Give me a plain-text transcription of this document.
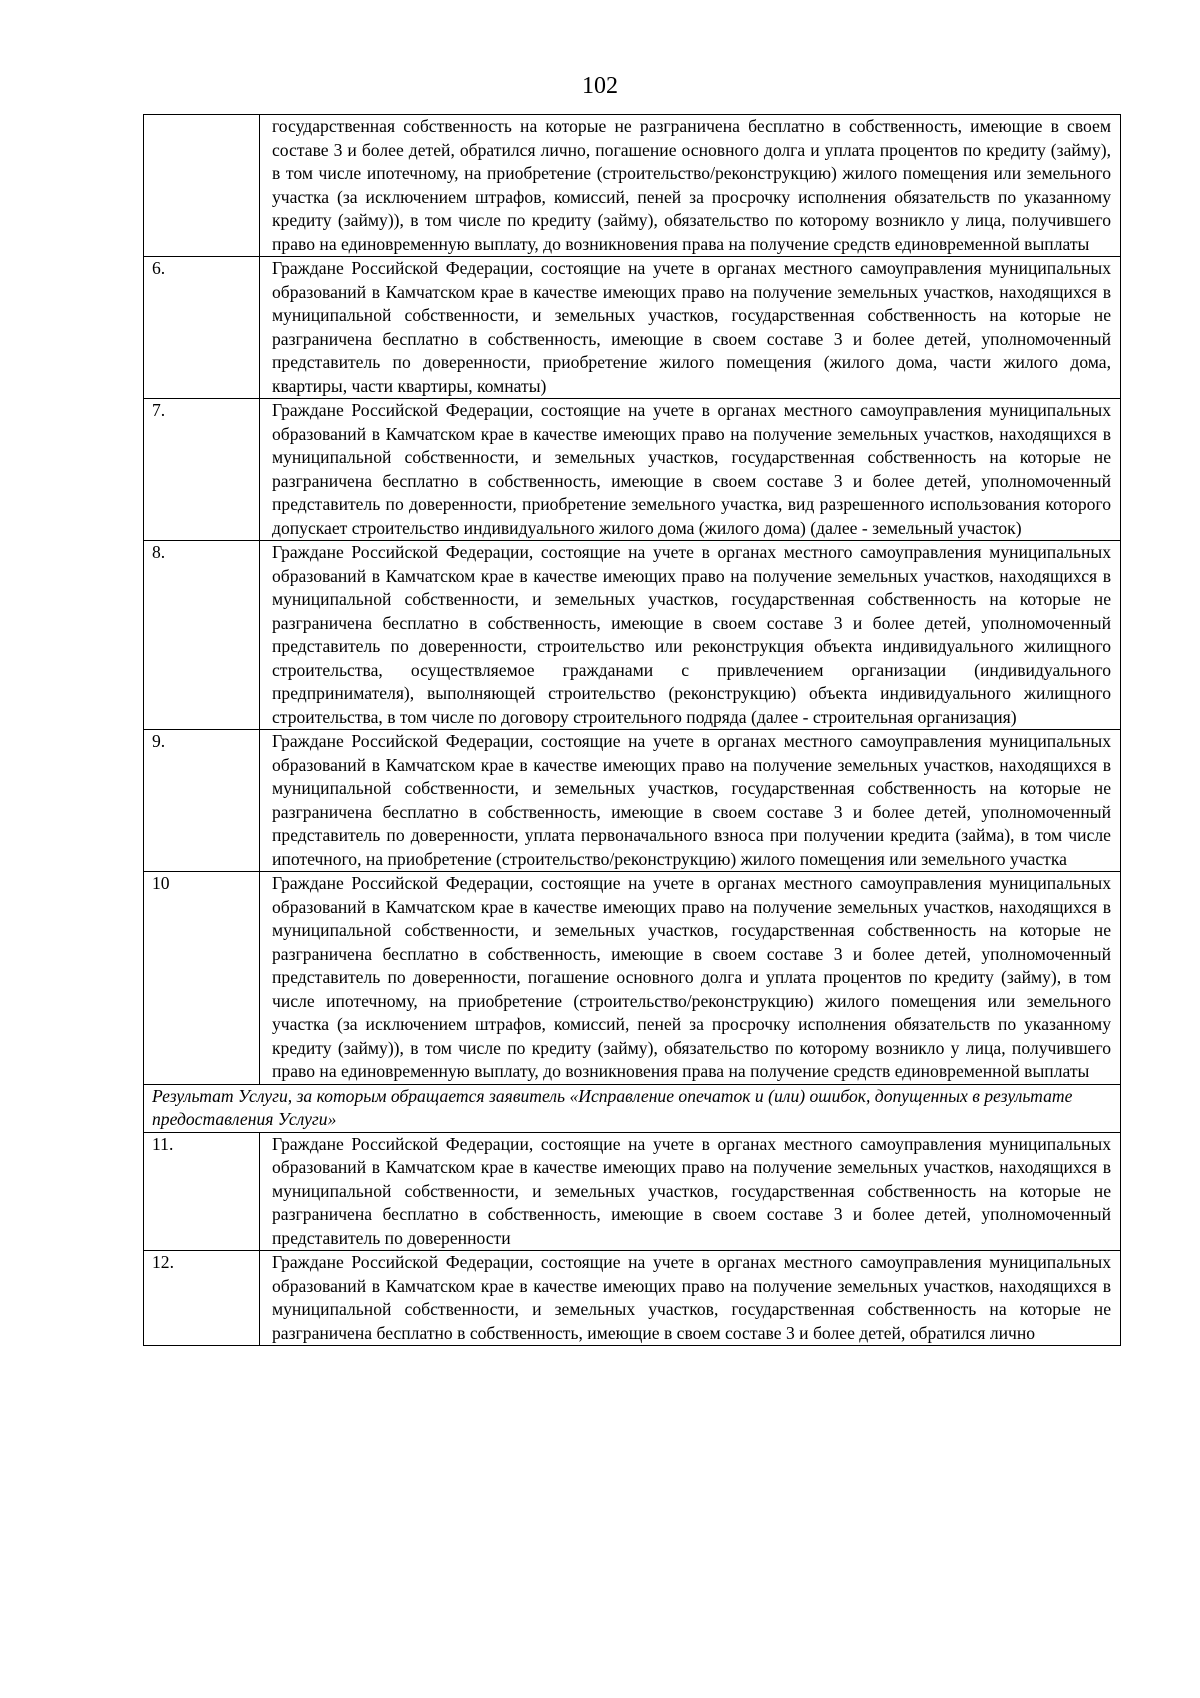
102
	государственная собственность на которые не разграничена бесплатно в собственность, имеющие в своем составе 3 и более детей, обратился лично, погашение основного долга и уплата процентов по кредиту (займу), в том числе ипотечному, на приобретение (строительство/реконструкцию) жилого помещения или земельного участка (за исключением штрафов, комиссий, пеней за просрочку исполнения обязательств по указанному кредиту (займу)), в том числе по кредиту (займу), обязательство по которому возникло у лица, получившего право на единовременную выплату, до возникновения права на получение средств единовременной выплаты
6.	Граждане Российской Федерации, состоящие на учете в органах местного самоуправления муниципальных образований в Камчатском крае в качестве имеющих право на получение земельных участков, находящихся в муниципальной собственности, и земельных участков, государственная собственность на которые не разграничена бесплатно в собственность, имеющие в своем составе 3 и более детей, уполномоченный представитель по доверенности, приобретение жилого помещения (жилого дома, части жилого дома, квартиры, части квартиры, комнаты)
7.	Граждане Российской Федерации, состоящие на учете в органах местного самоуправления муниципальных образований в Камчатском крае в качестве имеющих право на получение земельных участков, находящихся в муниципальной собственности, и земельных участков, государственная собственность на которые не разграничена бесплатно в собственность, имеющие в своем составе 3 и более детей, уполномоченный представитель по доверенности, приобретение земельного участка, вид разрешенного использования которого допускает строительство индивидуального жилого дома (жилого дома) (далее - земельный участок)
8.	Граждане Российской Федерации, состоящие на учете в органах местного самоуправления муниципальных образований в Камчатском крае в качестве имеющих право на получение земельных участков, находящихся в муниципальной собственности, и земельных участков, государственная собственность на которые не разграничена бесплатно в собственность, имеющие в своем составе 3 и более детей, уполномоченный представитель по доверенности, строительство или реконструкция объекта индивидуального жилищного строительства, осуществляемое гражданами с привлечением организации (индивидуального предпринимателя), выполняющей строительство (реконструкцию) объекта индивидуального жилищного строительства, в том числе по договору строительного подряда (далее - строительная организация)
9.	Граждане Российской Федерации, состоящие на учете в органах местного самоуправления муниципальных образований в Камчатском крае в качестве имеющих право на получение земельных участков, находящихся в муниципальной собственности, и земельных участков, государственная собственность на которые не разграничена бесплатно в собственность, имеющие в своем составе 3 и более детей, уполномоченный представитель по доверенности, уплата первоначального взноса при получении кредита (займа), в том числе ипотечного, на приобретение (строительство/реконструкцию) жилого помещения или земельного участка
10	Граждане Российской Федерации, состоящие на учете в органах местного самоуправления муниципальных образований в Камчатском крае в качестве имеющих право на получение земельных участков, находящихся в муниципальной собственности, и земельных участков, государственная собственность на которые не разграничена бесплатно в собственность, имеющие в своем составе 3 и более детей, уполномоченный представитель по доверенности, погашение основного долга и уплата процентов по кредиту (займу), в том числе ипотечному, на приобретение (строительство/реконструкцию) жилого помещения или земельного участка (за исключением штрафов, комиссий, пеней за просрочку исполнения обязательств по указанному кредиту (займу)), в том числе по кредиту (займу), обязательство по которому возникло у лица, получившего право на единовременную выплату, до возникновения права на получение средств единовременной выплаты
Результат Услуги, за которым обращается заявитель «Исправление опечаток и (или) ошибок, допущенных в результате предоставления Услуги»	
11.	Граждане Российской Федерации, состоящие на учете в органах местного самоуправления муниципальных образований в Камчатском крае в качестве имеющих право на получение земельных участков, находящихся в муниципальной собственности, и земельных участков, государственная собственность на которые не разграничена бесплатно в собственность, имеющие в своем составе 3 и более детей, уполномоченный представитель по доверенности
12.	Граждане Российской Федерации, состоящие на учете в органах местного самоуправления муниципальных образований в Камчатском крае в качестве имеющих право на получение земельных участков, находящихся в муниципальной собственности, и земельных участков, государственная собственность на которые не разграничена бесплатно в собственность, имеющие в своем составе 3 и более детей, обратился лично
